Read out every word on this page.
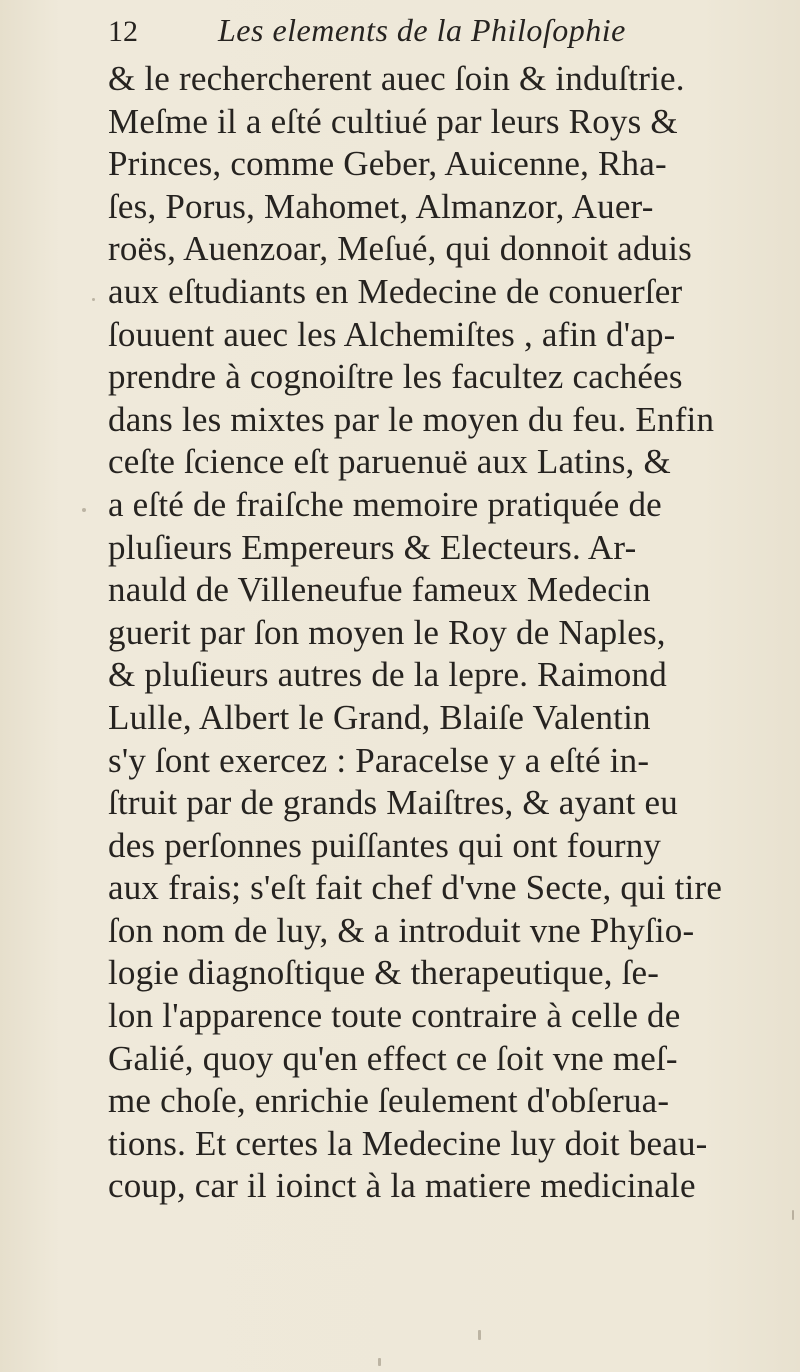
12	Les elements de la Philoſophie
& le rechercherent auec ſoin & induſtrie.
Meſme il a eſté cultiué par leurs Roys &
Princes, comme Geber, Auicenne, Rha-
ſes, Porus, Mahomet, Almanzor, Auer-
roës, Auenzoar, Meſué, qui donnoit aduis
aux eſtudiants en Medecine de conuerſer
ſouuent auec les Alchemiſtes , afin d'ap-
prendre à cognoiſtre les facultez cachées
dans les mixtes par le moyen du feu. Enfin
ceſte ſcience eſt paruenuë aux Latins, &
a eſté de fraiſche memoire pratiquée de
pluſieurs Empereurs & Electeurs. Ar-
nauld de Villeneufue fameux Medecin
guerit par ſon moyen le Roy de Naples,
& pluſieurs autres de la lepre. Raimond
Lulle, Albert le Grand, Blaiſe Valentin
s'y ſont exercez : Paracelse y a eſté in-
ſtruit par de grands Maiſtres, & ayant eu
des perſonnes puiſſantes qui ont fourny
aux frais; s'eſt fait chef d'vne Secte, qui tire
ſon nom de luy, & a introduit vne Phyſio-
logie diagnoſtique & therapeutique, ſe-
lon l'apparence toute contraire à celle de
Galié, quoy qu'en effect ce ſoit vne meſ-
me choſe, enrichie ſeulement d'obſerua-
tions. Et certes la Medecine luy doit beau-
coup, car il ioinct à la matiere medicinale
